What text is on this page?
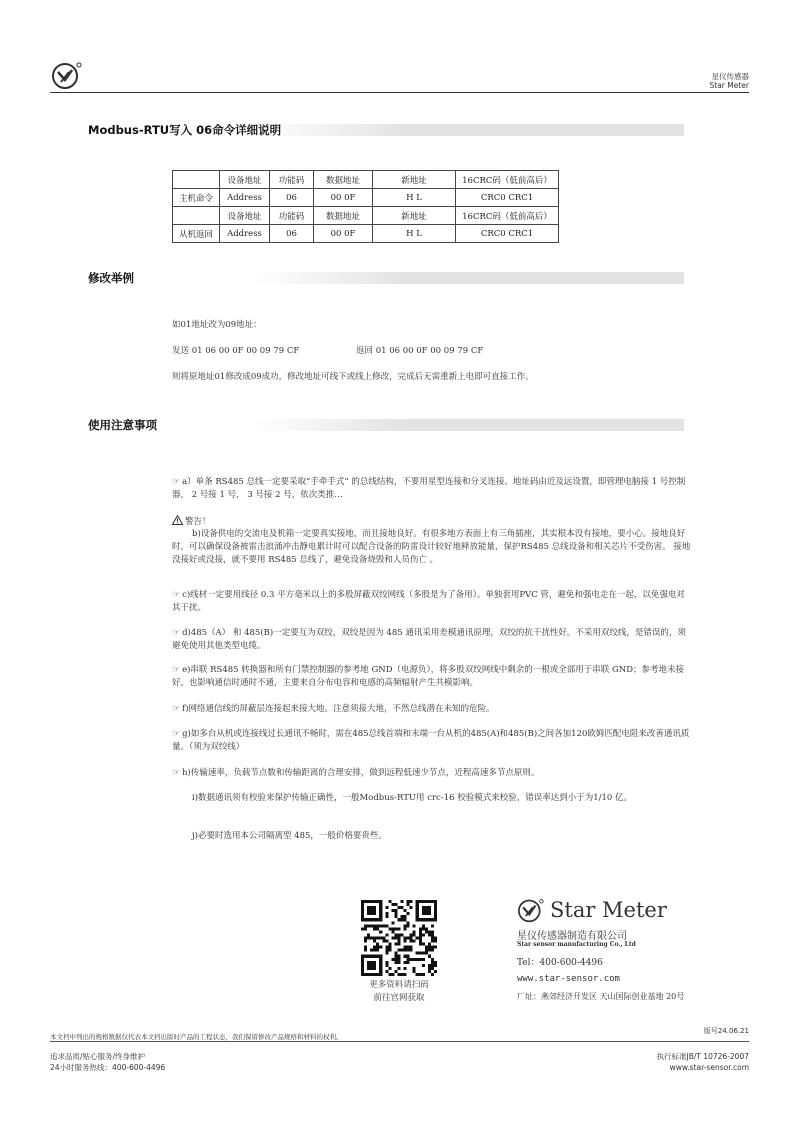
星仪传感器
Star Meter
Modbus-RTU写入 06命令详细说明
	设备地址	功能码	数据地址	新地址	16CRC码（低前高后）
主机命令	Address	06	00 0F	H L	CRC0 CRC1
	设备地址	功能码	数据地址	新地址	16CRC码（低前高后）
从机返回	Address	06	00 0F	H L	CRC0 CRC1
修改举例
如01地址改为09地址：
发送 01 06 00 0F 00 09 79 CF	返回 01 06 00 0F 00 09 79 CF
则将原地址01修改成09成功，修改地址可线下或线上修改，完成后无需重新上电即可直接工作。
使用注意事项
☞ a）单条 RS485 总线一定要采取“手牵手式” 的总线结构，不要用星型连接和分叉连接。地址码由近及远设置，即管理电脑接 1 号控制器， 2 号接 1 号， 3 号接 2 号，依次类推…
警告！
b)设备供电的交流电及机箱一定要真实接地，而且接地良好。有很多地方表面上有三角插座，其实根本没有接地，要小心。接地良好时，可以确保设备被雷击浪涌冲击静电累计时可以配合设备的防雷设计较好地释放能量，保护RS485 总线设备和相关芯片不受伤害。 接地没接好或没接，就不要用 RS485 总线了，避免设备烧毁和人员伤亡 。
☞ c)线材一定要用线径 0.3 平方毫米以上的多股屏蔽双绞网线（多股是为了备用）。单独套用PVC 管，避免和强电走在一起，以免强电对其干扰。
☞ d)485（A） 和 485(B)一定要互为双绞，双绞是因为 485 通讯采用差模通讯原理，双绞的抗干扰性好。不采用双绞线，是错误的，须避免使用其他类型电缆。
☞ e)串联 RS485 转换器和所有门禁控制器的参考地 GND（电源负），将多股双绞网线中剩余的一根或全部用于串联 GND；参考地未接好，也影响通信时通时不通，主要来自分布电容和电感的高频辐射产生共模影响。
☞ f)网络通信线的屏蔽层连接起来接大地。注意须接大地，不然总线潜在未知的危险。
☞ g)如多台从机或连接线过长通讯不畅时，需在485总线首端和末端一台从机的485(A)和485(B)之间各加120欧姆匹配电阻来改善通讯质量。（须为双绞线）
☞ h)传输速率，负载节点数和传输距离的合理安排，做到远程低速少节点，近程高速多节点原则。
i)数据通讯须有校验来保护传输正确性，一般Modbus-RTU用 crc-16 校验模式来校验，错误率达到小于为1/10 亿。
j)必要时选用本公司隔离型 485，一般价格要贵些。
更多资料请扫码
前往官网获取
Star Meter
星仪传感器制造有限公司
Star sensor manufacturing Co., Ltd
Tel：400-600-4496
www.star-sensor.com
厂址：燕郊经济开发区 天山国际创业基地 20号
本文档中列出的规格数据仅代表本文档出版时产品的工程状态，我们保留修改产品规格和材料的权利。
版号24.06.21
追求品质/贴心服务/终身维护
24小时服务热线：400-600-4496
执行标准JB/T 10726-2007
www.star-sensor.com
